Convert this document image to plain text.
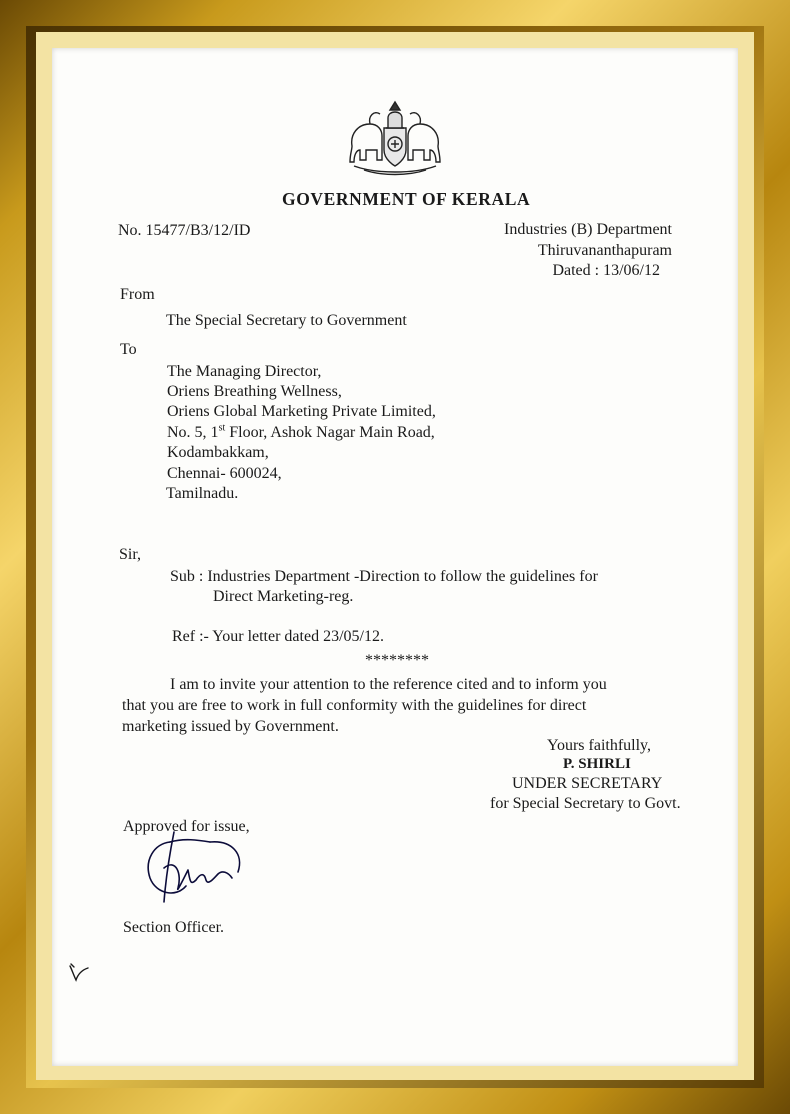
GOVERNMENT OF KERALA
No. 15477/B3/12/ID	Industries (B) Department
Thiruvananthapuram
Dated : 13/06/12
From
The Special Secretary to Government
To
The Managing Director,
Oriens Breathing Wellness,
Oriens Global Marketing Private Limited,
No. 5, 1st Floor, Ashok Nagar Main Road,
Kodambakkam,
Chennai- 600024,
Tamilnadu.
Sir,
Sub : Industries Department -Direction to follow the guidelines for
Direct Marketing-reg.
Ref :- Your letter dated 23/05/12.
********
I am to invite your attention to the reference cited and to inform you
that you are free to work in full conformity with the guidelines for direct
marketing issued by Government.
Yours faithfully,
P. SHIRLI
UNDER SECRETARY
for Special Secretary to Govt.
Approved for issue,
Section Officer.
